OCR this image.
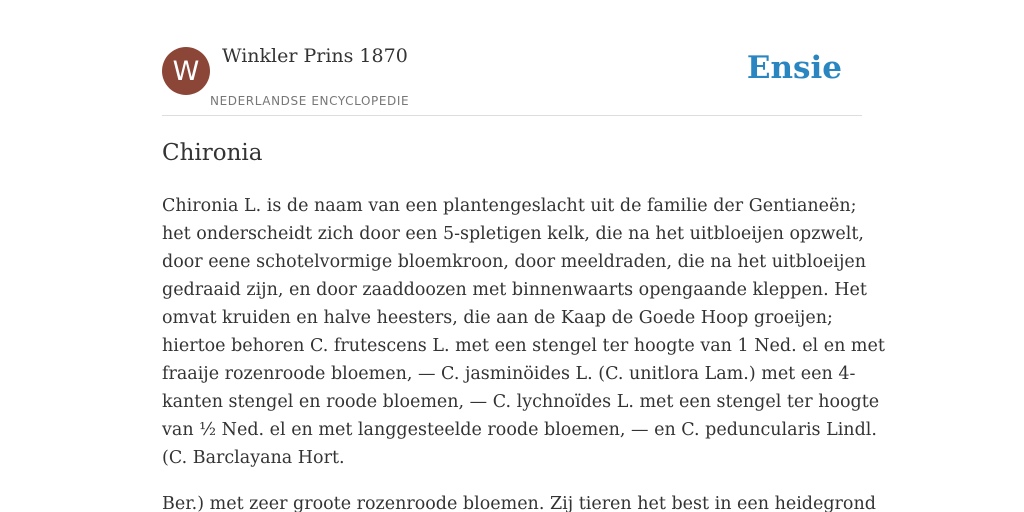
W	Winkler Prins 1870
NEDERLANDSE ENCYCLOPEDIE
Ensie
Chironia

Chironia L. is de naam van een plantengeslacht uit de familie der Gentianeën;
het onderscheidt zich door een 5-spletigen kelk, die na het uitbloeijen opzwelt,
door eene schotelvormige bloemkroon, door meeldraden, die na het uitbloeijen
gedraaid zijn, en door zaaddoozen met binnenwaarts opengaande kleppen. Het
omvat kruiden en halve heesters, die aan de Kaap de Goede Hoop groeijen;
hiertoe behoren C. frutescens L. met een stengel ter hoogte van 1 Ned. el en met
fraaije rozenroode bloemen, — C. jasminöides L. (C. unitlora Lam.) met een 4-
kanten stengel en roode bloemen, — C. lychnoïdes L. met een stengel ter hoogte
van ½ Ned. el en met langgesteelde roode bloemen, — en C. peduncularis Lindl.
(C. Barclayana Hort.

Ber.) met zeer groote rozenroode bloemen. Zij tieren het best in een heidegrond
